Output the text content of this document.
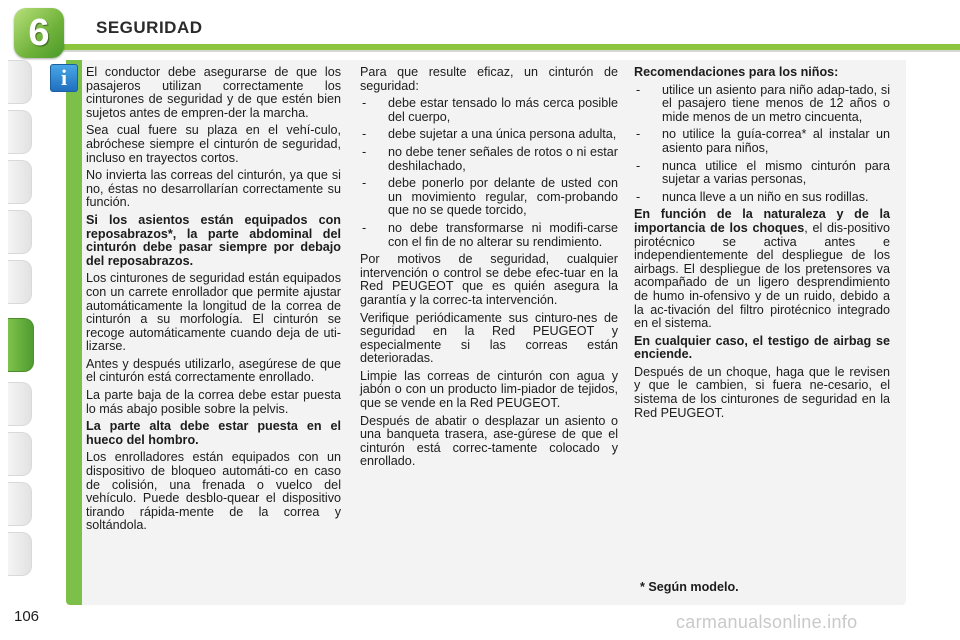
6	SEGURIDAD
i El conductor debe asegurarse de que los pasajeros utilizan correctamente los cinturones de seguridad y de que estén bien sujetos antes de empren-der la marcha.

Sea cual fuere su plaza en el vehí-culo, abróchese siempre el cinturón de seguridad, incluso en trayectos cortos.

No invierta las correas del cinturón, ya que si no, éstas no desarrollarían correctamente su función.

Si los asientos están equipados con reposabrazos*, la parte abdominal del cinturón debe pasar siempre por debajo del reposabrazos.

Los cinturones de seguridad están equipados con un carrete enrollador que permite ajustar automáticamente la longitud de la correa de cinturón a su morfología. El cinturón se recoge automáticamente cuando deja de uti-lizarse.

Antes y después utilizarlo, asegúrese de que el cinturón está correctamente enrollado.

La parte baja de la correa debe estar puesta lo más abajo posible sobre la pelvis.

La parte alta debe estar puesta en el hueco del hombro.

Los enrolladores están equipados con un dispositivo de bloqueo automáti-co en caso de colisión, una frenada o vuelco del vehículo. Puede desblo-quear el dispositivo tirando rápida-mente de la correa y soltándola.

Para que resulte eficaz, un cinturón de seguridad:

- debe estar tensado lo más cerca posible del cuerpo,
- debe sujetar a una única persona adulta,
- no debe tener señales de rotos o ni estar deshilachado,
- debe ponerlo por delante de usted con un movimiento regular, com-probando que no se quede torcido,
- no debe transformarse ni modifi-carse con el fin de no alterar su rendimiento.

Por motivos de seguridad, cualquier intervención o control se debe efec-tuar en la Red PEUGEOT que es quién asegura la garantía y la correc-ta intervención.

Verifique periódicamente sus cinturo-nes de seguridad en la Red PEUGEOT y especialmente si las correas están deterioradas.

Limpie las correas de cinturón con agua y jabón o con un producto lim-piador de tejidos, que se vende en la Red PEUGEOT.

Después de abatir o desplazar un asiento o una banqueta trasera, ase-gúrese de que el cinturón está correc-tamente colocado y enrollado.

Recomendaciones para los niños:

- utilice un asiento para niño adap-tado, si el pasajero tiene menos de 12 años o mide menos de un metro cincuenta,
- no utilice la guía-correa* al instalar un asiento para niños,
- nunca utilice el mismo cinturón para sujetar a varias personas,
- nunca lleve a un niño en sus rodillas.

En función de la naturaleza y de la importancia de los choques, el dis-positivo pirotécnico se activa antes e independientemente del despliegue de los airbags. El despliegue de los pretensores va acompañado de un ligero desprendimiento de humo in-ofensivo y de un ruido, debido a la ac-tivación del filtro pirotécnico integrado en el sistema.

En cualquier caso, el testigo de airbag se enciende.

Después de un choque, haga que le revisen y que le cambien, si fuera ne-cesario, el sistema de los cinturones de seguridad en la Red PEUGEOT.

* Según modelo.
106	carmanualsonline.info
